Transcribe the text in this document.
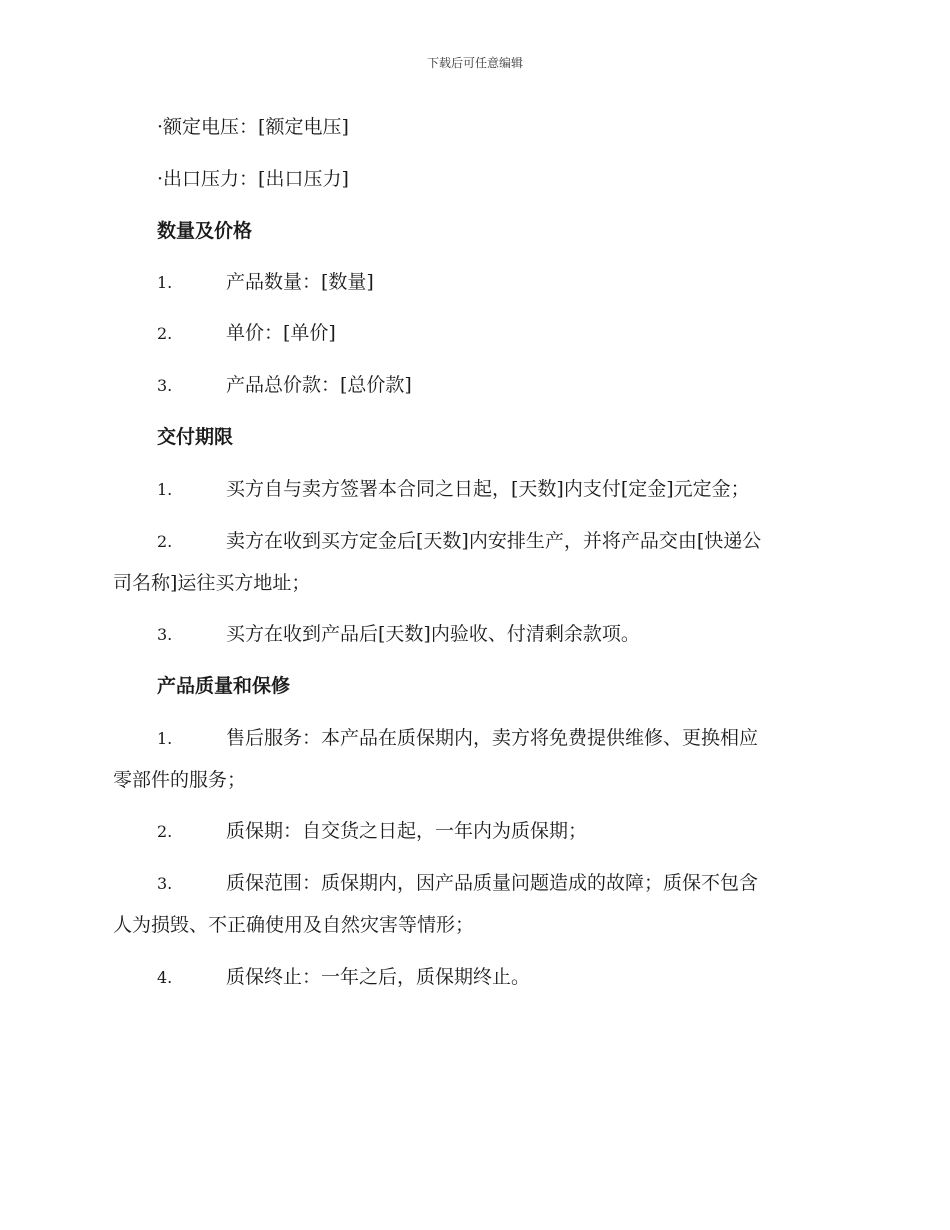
下载后可任意编辑
·额定电压：[额定电压]
·出口压力：[出口压力]
数量及价格
1.	产品数量：[数量]
2.	单价：[单价]
3.	产品总价款：[总价款]
交付期限
1.	买方自与卖方签署本合同之日起，[天数]内支付[定金]元定金；
2.	卖方在收到买方定金后[天数]内安排生产，并将产品交由[快递公
司名称]运往买方地址；
3.	买方在收到产品后[天数]内验收、付清剩余款项。
产品质量和保修
1.	售后服务：本产品在质保期内，卖方将免费提供维修、更换相应
零部件的服务；
2.	质保期：自交货之日起，一年内为质保期；
3.	质保范围：质保期内，因产品质量问题造成的故障；质保不包含
人为损毁、不正确使用及自然灾害等情形；
4.	质保终止：一年之后，质保期终止。
